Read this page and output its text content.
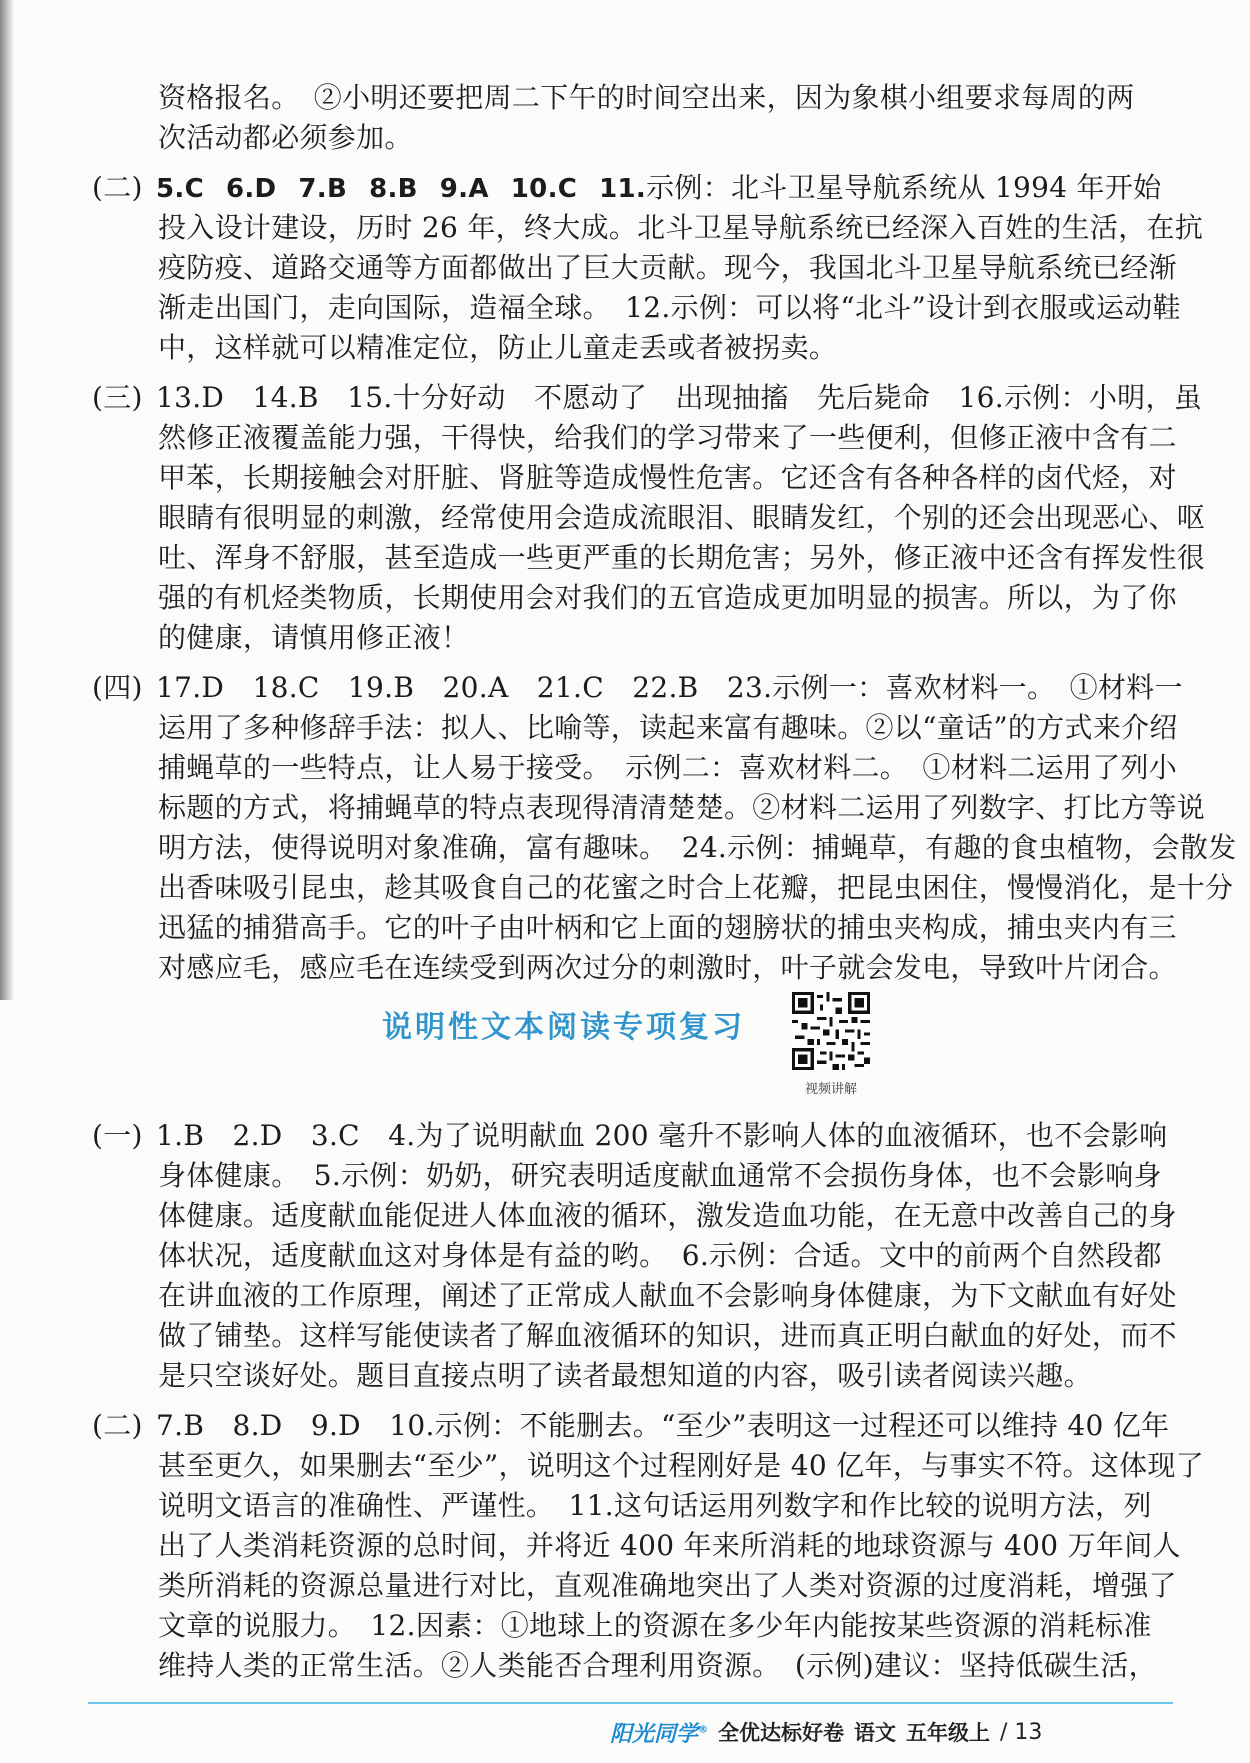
资格报名。　②小明还要把周二下午的时间空出来，因为象棋小组要求每周的两
次活动都必须参加。
(二) 5.C 6.D 7.B 8.B 9.A 10.C 11.示例：北斗卫星导航系统从 1994 年开始
投入设计建设，历时 26 年，终大成。北斗卫星导航系统已经深入百姓的生活，在抗
疫防疫、道路交通等方面都做出了巨大贡献。现今，我国北斗卫星导航系统已经渐
渐走出国门，走向国际，造福全球。　12.示例：可以将“北斗”设计到衣服或运动鞋
中，这样就可以精准定位，防止儿童走丢或者被拐卖。
(三) 13.D　14.B　15.十分好动　不愿动了　出现抽搐　先后毙命　16.示例：小明，虽
然修正液覆盖能力强，干得快，给我们的学习带来了一些便利，但修正液中含有二
甲苯，长期接触会对肝脏、肾脏等造成慢性危害。它还含有各种各样的卤代烃，对
眼睛有很明显的刺激，经常使用会造成流眼泪、眼睛发红，个别的还会出现恶心、呕
吐、浑身不舒服，甚至造成一些更严重的长期危害；另外，修正液中还含有挥发性很
强的有机烃类物质，长期使用会对我们的五官造成更加明显的损害。所以，为了你
的健康，请慎用修正液！
(四) 17.D　18.C　19.B　20.A　21.C　22.B　23.示例一：喜欢材料一。　①材料一
运用了多种修辞手法：拟人、比喻等，读起来富有趣味。②以“童话”的方式来介绍
捕蝇草的一些特点，让人易于接受。　示例二：喜欢材料二。　①材料二运用了列小
标题的方式，将捕蝇草的特点表现得清清楚楚。②材料二运用了列数字、打比方等说
明方法，使得说明对象准确，富有趣味。　24.示例：捕蝇草，有趣的食虫植物，会散发
出香味吸引昆虫，趁其吸食自己的花蜜之时合上花瓣，把昆虫困住，慢慢消化，是十分
迅猛的捕猎高手。它的叶子由叶柄和它上面的翅膀状的捕虫夹构成，捕虫夹内有三
对感应毛，感应毛在连续受到两次过分的刺激时，叶子就会发电，导致叶片闭合。
说明性文本阅读专项复习
视频讲解
(一) 1.B　2.D　3.C　4.为了说明献血 200 毫升不影响人体的血液循环，也不会影响
身体健康。　5.示例：奶奶，研究表明适度献血通常不会损伤身体，也不会影响身
体健康。适度献血能促进人体血液的循环，激发造血功能，在无意中改善自己的身
体状况，适度献血这对身体是有益的哟。　6.示例：合适。文中的前两个自然段都
在讲血液的工作原理，阐述了正常成人献血不会影响身体健康，为下文献血有好处
做了铺垫。这样写能使读者了解血液循环的知识，进而真正明白献血的好处，而不
是只空谈好处。题目直接点明了读者最想知道的内容，吸引读者阅读兴趣。
(二) 7.B　8.D　9.D　10.示例：不能删去。“至少”表明这一过程还可以维持 40 亿年
甚至更久，如果删去“至少”，说明这个过程刚好是 40 亿年，与事实不符。这体现了
说明文语言的准确性、严谨性。　11.这句话运用列数字和作比较的说明方法，列
出了人类消耗资源的总时间，并将近 400 年来所消耗的地球资源与 400 万年间人
类所消耗的资源总量进行对比，直观准确地突出了人类对资源的过度消耗，增强了
文章的说服力。　12.因素：①地球上的资源在多少年内能按某些资源的消耗标准
维持人类的正常生活。②人类能否合理利用资源。　(示例)建议：坚持低碳生活，
阳光同学® 全优达标好卷 语文 五年级上 / 13
